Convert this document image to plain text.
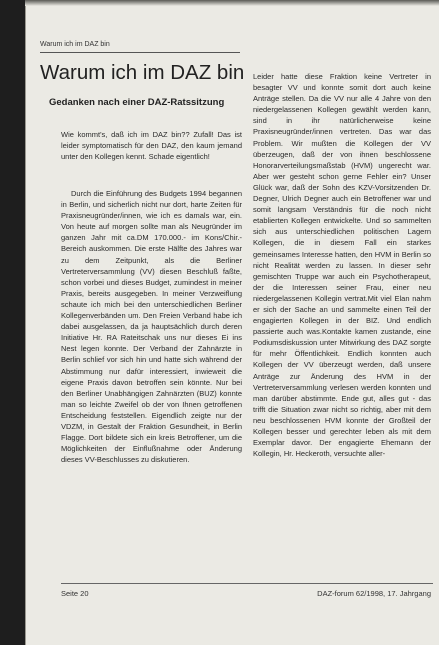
Warum ich im DAZ bin
Warum ich im DAZ bin
Gedanken nach einer DAZ-Ratssitzung

Wie kommt's, daß ich im DAZ bin?? Zufall! Das ist leider symptomatisch für den DAZ, den kaum jemand unter den Kollegen kennt. Schade eigentlich!

Durch die Einführung des Budgets 1994 begannen in Berlin, und sicherlich nicht nur dort, harte Zeiten für Praxisneugründer/innen, wie ich es damals war, ein. Von heute auf morgen sollte man als Neugründer im ganzen Jahr mit ca.DM 170.000.- im Kons/Chir.-Bereich auskommen. Die erste Hälfte des Jahres war zu dem Zeitpunkt, als die Berliner Vertreterversammlung (VV) diesen Beschluß faßte, schon vorbei und dieses Budget, zumindest in meiner Praxis, bereits ausgegeben. In meiner Verzweiflung schaute ich mich bei den unterschiedlichen Berliner Kollegenverbänden um. Den Freien Verband habe ich dabei ausgelassen, da ja hauptsächlich durch deren Initiative Hr. RA Rateitschak uns nur dieses Ei ins Nest legen konnte. Der Verband der Zahnärzte in Berlin schlief vor sich hin und hatte sich während der Abstimmung nur dafür interessiert, inwieweit die eigene Praxis davon betroffen sein könnte. Nur bei den Berliner Unabhängigen Zahnärzten (BUZ) konnte man so leichte Zweifel ob der von Ihnen getroffenen Entscheidung feststellen. Eigendlich zeigte nur der VDZM, in Gestalt der Fraktion Gesundheit, in Berlin Flagge. Dort bildete sich ein kreis Betroffener, um die Möglichkeiten der Einflußnahme oder Änderung dieses VV-Beschlusses zu diskutieren.

Leider hatte diese Fraktion keine Vertreter in besagter VV und konnte somit dort auch keine Anträge stellen. Da die VV nur alle 4 Jahre von den niedergelassenen Kollegen gewählt werden kann, sind in ihr natürlicherweise keine Praxisneugründer/innen vertreten. Das war das Problem. Wir mußten die Kollegen der VV überzeugen, daß der von ihnen beschlossene Honorarverteilungsmaßstab (HVM) ungerecht war. Aber wer gesteht schon gerne Fehler ein? Unser Glück war, daß der Sohn des KZV-Vorsitzenden Dr. Degner, Ulrich Degner auch ein Betroffener war und somit langsam Verständnis für die noch nicht etablierten Kollegen entwickelte. Und so sammelten sich aus unterschiedlichen politischen Lagern Kollegen, die in diesem Fall ein starkes gemeinsames Interesse hatten, den HVM in Berlin so nicht Realität werden zu lassen. In dieser sehr gemischten Truppe war auch ein Psychotherapeut, der die Interessen seiner Frau, einer neu niedergelassenen Kollegin vertrat.Mit viel Elan nahm er sich der Sache an und sammelte einen Teil der engagierten Kollegen in der BIZ. Und endlich passierte auch was.Kontakte kamen zustande, eine Podiumsdiskussion unter Mitwirkung des DAZ sorgte für mehr Öffentlichkeit. Endlich konnten auch Kollegen der VV überzeugt werden, daß unsere Anträge zur Änderung des HVM in der Vertreterversammlung verlesen werden konnten und man darüber abstimmte. Ende gut, alles gut - das trifft die Situation zwar nicht so richtig, aber mit dem neu beschlossenen HVM konnte der Großteil der Kollegen besser und gerechter leben als mit dem Exemplar davor. Der engagierte Ehemann der Kollegin, Hr. Heckeroth, versuchte aller-

Seite 20	DAZ-forum 62/1998, 17. Jahrgang
